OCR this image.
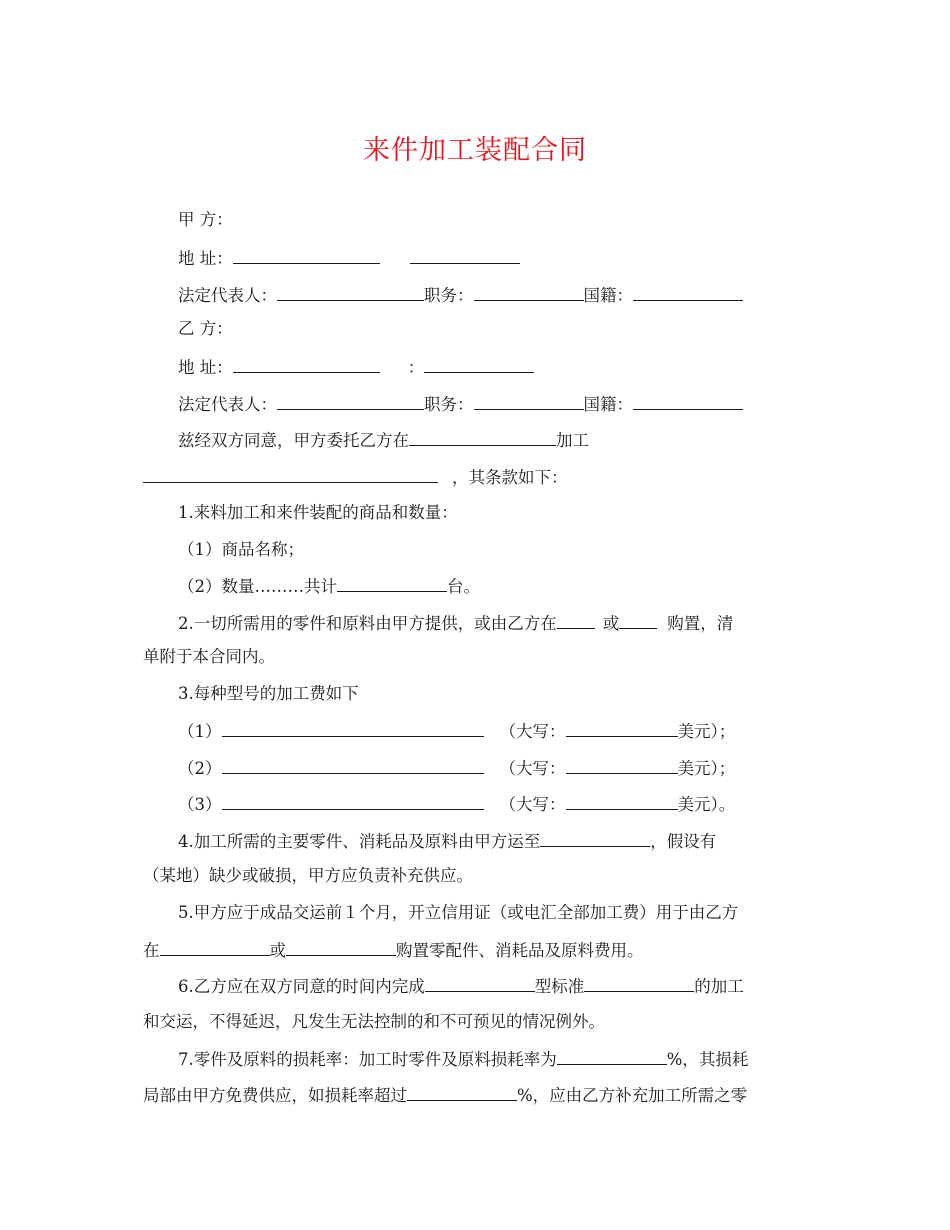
来件加工装配合同
甲 方：
地 址：
法定代表人：	职务：	国籍：
乙 方：
地 址：	：
法定代表人：	职务：	国籍：
兹经双方同意，甲方委托乙方在	加工
，其条款如下：
1.来料加工和来件装配的商品和数量：
（1）商品名称；
（2）数量………共计	台。
2.一切所需用的零件和原料由甲方提供，或由乙方在	或	购置，清
单附于本合同内。
3.每种型号的加工费如下
（1）	（大写：	美元）；
（2）	（大写：	美元）；
（3）	（大写：	美元）。
4.加工所需的主要零件、消耗品及原料由甲方运至	，假设有
（某地）缺少或破损，甲方应负责补充供应。
5.甲方应于成品交运前１个月，开立信用证（或电汇全部加工费）用于由乙方
在	或	购置零配件、消耗品及原料费用。
6.乙方应在双方同意的时间内完成	型标准	的加工
和交运，不得延迟，凡发生无法控制的和不可预见的情况例外。
7.零件及原料的损耗率：加工时零件及原料损耗率为	%，其损耗
局部由甲方免费供应，如损耗率超过	%，应由乙方补充加工所需之零
